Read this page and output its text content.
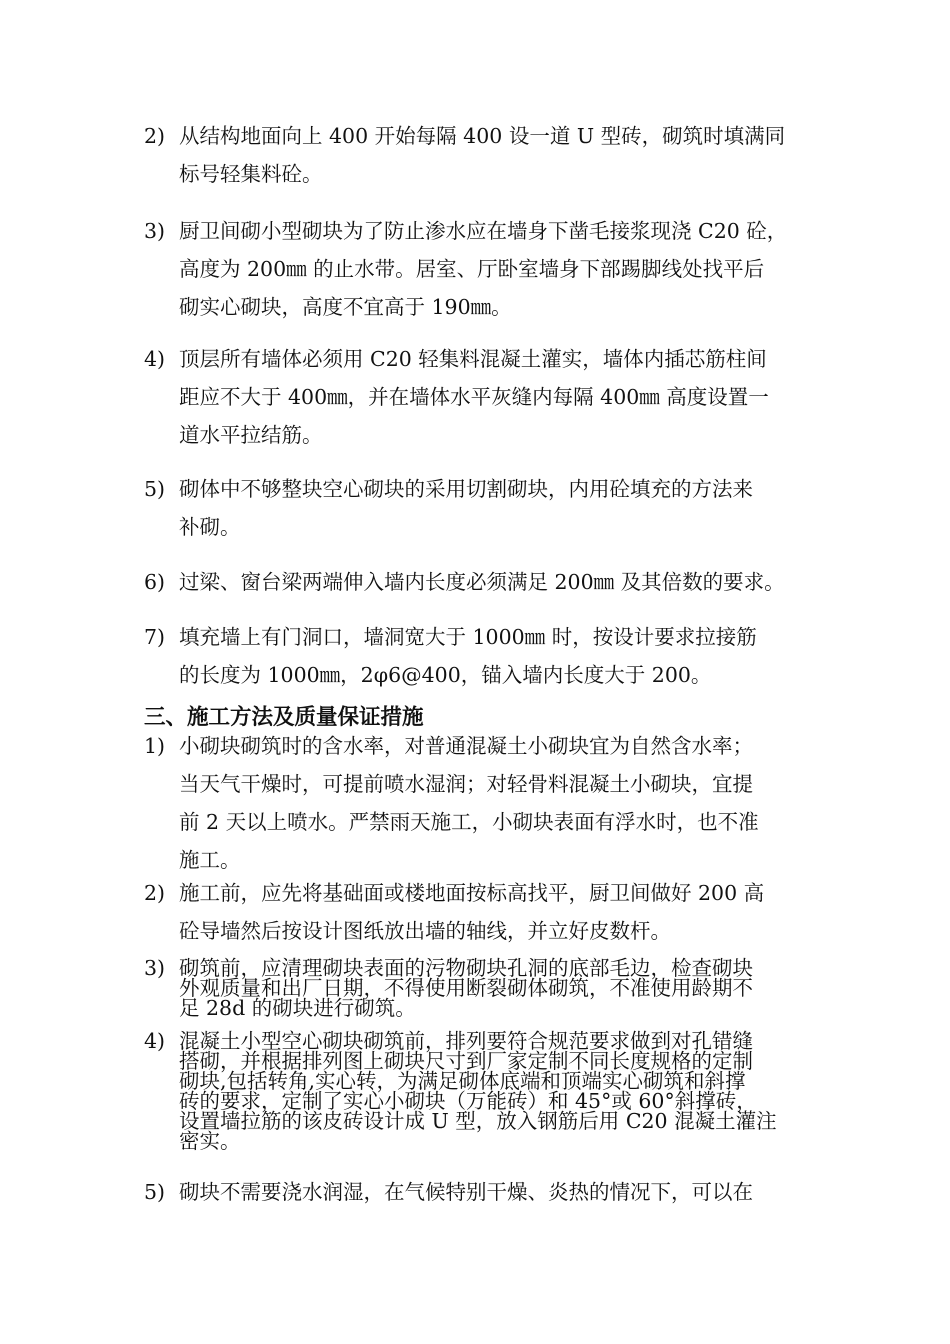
2) 从结构地面向上 400 开始每隔 400 设一道 U 型砖，砌筑时填满同
标号轻集料砼。
3) 厨卫间砌小型砌块为了防止渗水应在墙身下凿毛接浆现浇 C20 砼，
高度为 200㎜ 的止水带。居室、厅卧室墙身下部踢脚线处找平后
砌实心砌块，高度不宜高于 190㎜。
4) 顶层所有墙体必须用 C20 轻集料混凝土灌实，墙体内插芯筋柱间
距应不大于 400㎜，并在墙体水平灰缝内每隔 400㎜ 高度设置一
道水平拉结筋。
5) 砌体中不够整块空心砌块的采用切割砌块，内用砼填充的方法来
补砌。
6) 过梁、窗台梁两端伸入墙内长度必须满足 200㎜ 及其倍数的要求。
7) 填充墙上有门洞口，墙洞宽大于 1000㎜ 时，按设计要求拉接筋
的长度为 1000㎜，2φ6@400，锚入墙内长度大于 200。
三、施工方法及质量保证措施
1) 小砌块砌筑时的含水率，对普通混凝土小砌块宜为自然含水率；
当天气干燥时，可提前喷水湿润；对轻骨料混凝土小砌块，宜提
前 2 天以上喷水。严禁雨天施工，小砌块表面有浮水时，也不准
施工。
2) 施工前，应先将基础面或楼地面按标高找平，厨卫间做好 200 高
砼导墙然后按设计图纸放出墙的轴线，并立好皮数杆。
3) 砌筑前，应清理砌块表面的污物砌块孔洞的底部毛边，检查砌块
外观质量和出厂日期，不得使用断裂砌体砌筑，不准使用龄期不
足 28d 的砌块进行砌筑。
4) 混凝土小型空心砌块砌筑前，排列要符合规范要求做到对孔错缝
搭砌，并根据排列图上砌块尺寸到厂家定制不同长度规格的定制
砌块,包括转角,实心转，为满足砌体底端和顶端实心砌筑和斜撑
砖的要求，定制了实心小砌块（万能砖）和 45°或 60°斜撑砖，
设置墙拉筋的该皮砖设计成 U 型，放入钢筋后用 C20 混凝土灌注
密实。
5) 砌块不需要浇水润湿，在气候特别干燥、炎热的情况下，可以在
